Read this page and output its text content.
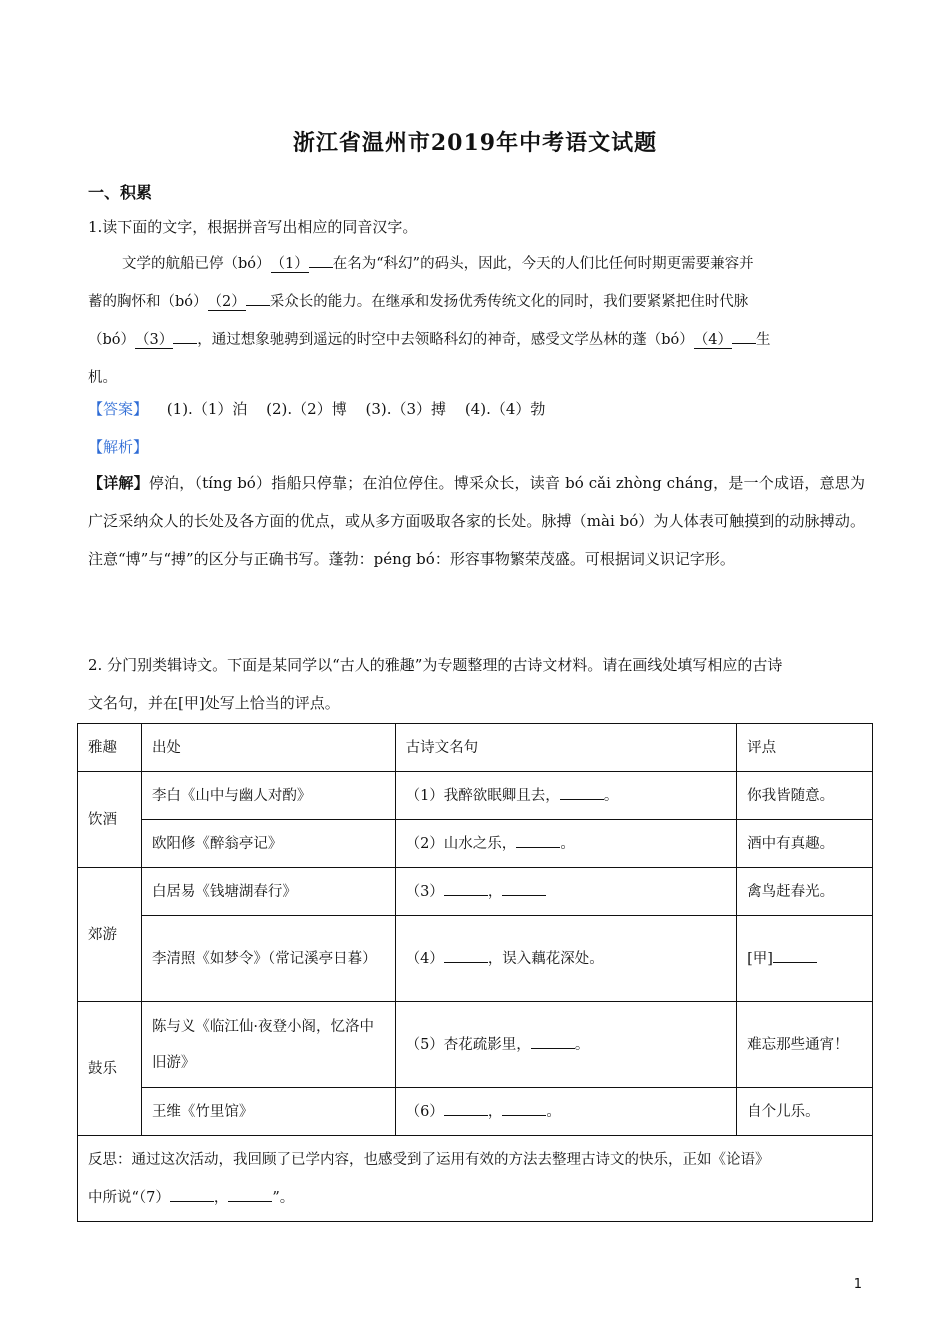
浙江省温州市2019年中考语文试题
一、积累
1.读下面的文字，根据拼音写出相应的同音汉字。
文学的航船已停（bó）（1） 在名为“科幻”的码头，因此，今天的人们比任何时期更需要兼容并
蓄的胸怀和（bó）（2） 采众长的能力。在继承和发扬优秀传统文化的同时，我们要紧紧把住时代脉
（bó）（3） ，通过想象驰骋到遥远的时空中去领略科幻的神奇，感受文学丛林的蓬（bó）（4） 生
机。
【答案】 (1).（1）泊 (2).（2）博 (3).（3）搏 (4).（4）勃
【解析】
【详解】停泊，（tíng bó）指船只停靠；在泊位停住。博采众长，读音 bó cǎi zhòng cháng，是一个成语，意思为广泛采纳众人的长处及各方面的优点，或从多方面吸取各家的长处。脉搏（mài bó）为人体表可触摸到的动脉搏动。注意“博”与“搏”的区分与正确书写。蓬勃：péng bó：形容事物繁荣茂盛。可根据词义识记字形。
2. 分门别类辑诗文。下面是某同学以“古人的雅趣”为专题整理的古诗文材料。请在画线处填写相应的古诗
文名句，并在[甲]处写上恰当的评点。
雅趣	出处	古诗文名句	评点
饮酒	李白《山中与幽人对酌》	（1）我醉欲眠卿且去， 。	你我皆随意。
	欧阳修《醉翁亭记》	（2）山水之乐， 。	酒中有真趣。
郊游	白居易《钱塘湖春行》	（3） ，	禽鸟赶春光。
	李清照《如梦令》（常记溪亭日暮）	（4） ，误入藕花深处。	[甲]
鼓乐	陈与义《临江仙·夜登小阁，忆洛中旧游》	（5）杏花疏影里， 。	难忘那些通宵！
	王维《竹里馆》	（6） ， 。	自个儿乐。

反思：通过这次活动，我回顾了已学内容，也感受到了运用有效的方法去整理古诗文的快乐，正如《论语》
中所说“（7） ， ”。			
1
